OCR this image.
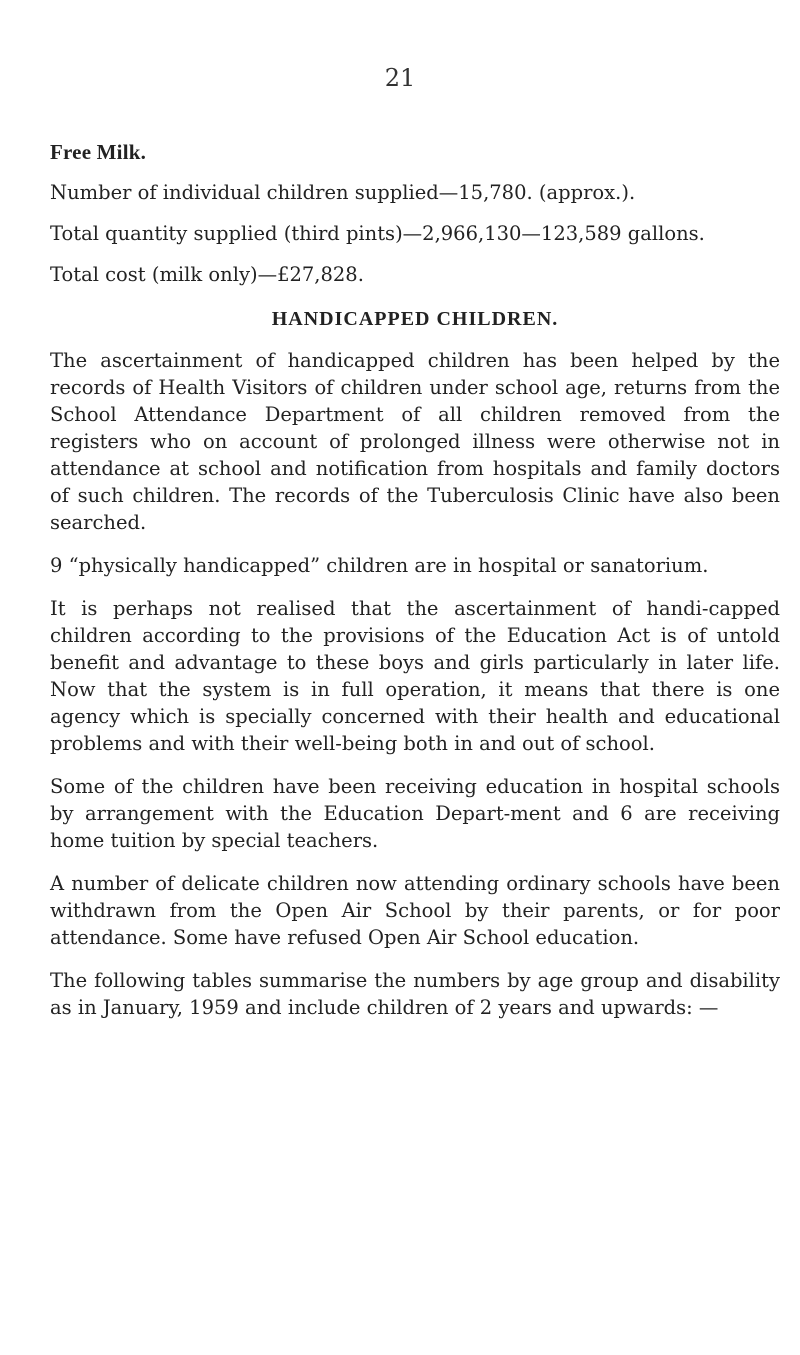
21
Free Milk.

Number of individual children supplied—15,780. (approx.).

Total quantity supplied (third pints)—2,966,130—123,589 gallons.

Total cost (milk only)—£27,828.

HANDICAPPED CHILDREN.

The ascertainment of handicapped children has been helped by the records of Health Visitors of children under school age, returns from the School Attendance Department of all children removed from the registers who on account of prolonged illness were otherwise not in attendance at school and notification from hospitals and family doctors of such children. The records of the Tuberculosis Clinic have also been searched.

9 “physically handicapped” children are in hospital or sanatorium.

It is perhaps not realised that the ascertainment of handi-capped children according to the provisions of the Education Act is of untold benefit and advantage to these boys and girls particularly in later life. Now that the system is in full operation, it means that there is one agency which is specially concerned with their health and educational problems and with their well-being both in and out of school.

Some of the children have been receiving education in hospital schools by arrangement with the Education Depart-ment and 6 are receiving home tuition by special teachers.

A number of delicate children now attending ordinary schools have been withdrawn from the Open Air School by their parents, or for poor attendance. Some have refused Open Air School education.

The following tables summarise the numbers by age group and disability as in January, 1959 and include children of 2 years and upwards: —
